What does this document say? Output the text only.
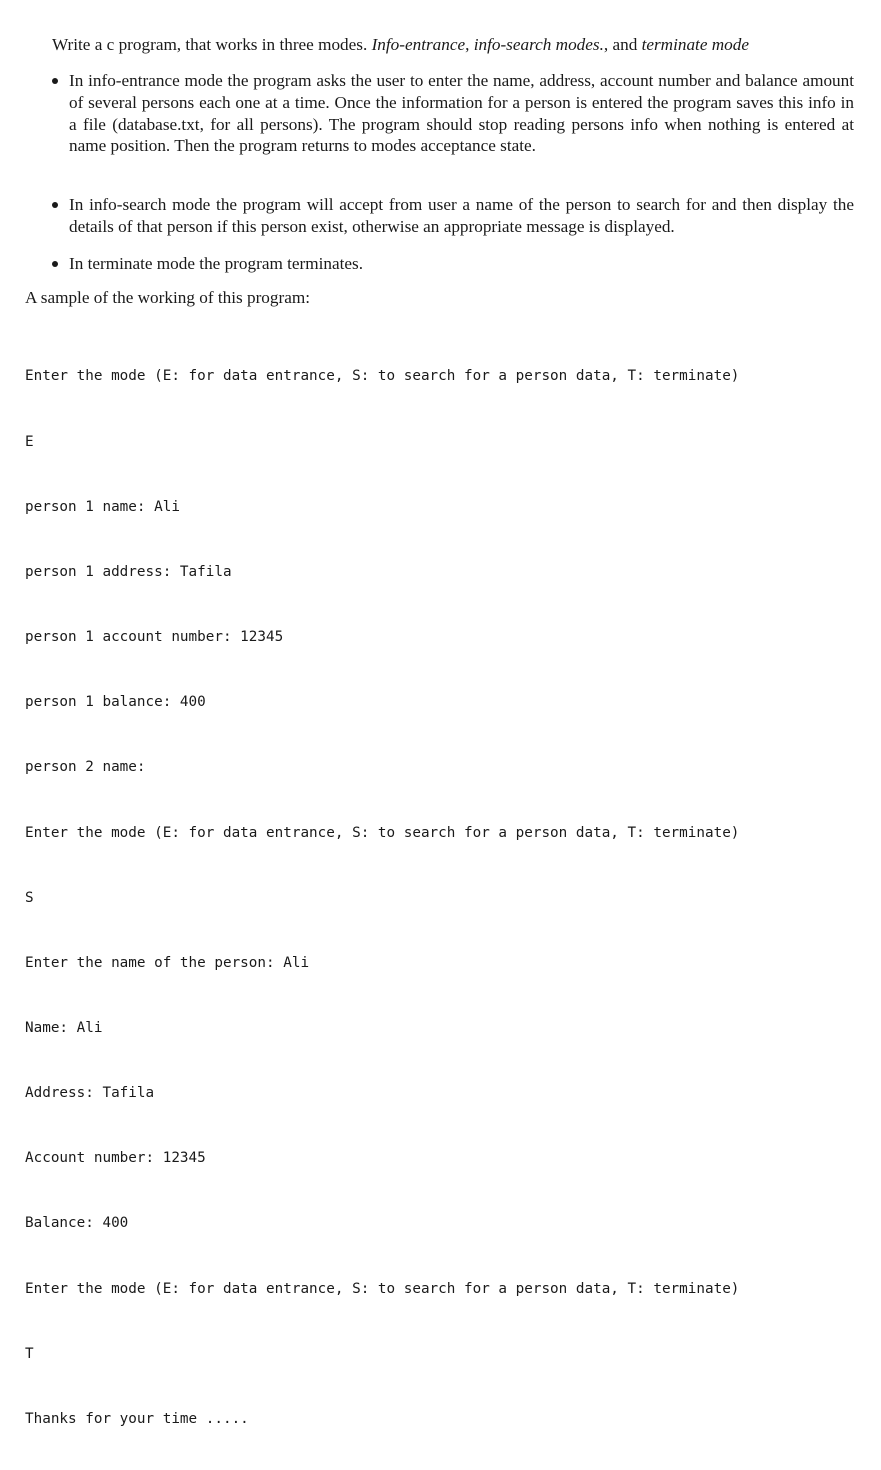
Write a c program, that works in three modes. Info-entrance, info-search modes., and terminate mode
In info-entrance mode the program asks the user to enter the name, address, account number and balance amount of several persons each one at a time. Once the information for a person is entered the program saves this info in a file (database.txt, for all persons). The program should stop reading persons info when nothing is entered at name position. Then the program returns to modes acceptance state.
In info-search mode the program will accept from user a name of the person to search for and then display the details of that person if this person exist, otherwise an appropriate message is displayed.
In terminate mode the program terminates.
A sample of the working of this program:

Enter the mode (E: for data entrance, S: to search for a person data, T: terminate)

E

person 1 name: Ali

person 1 address: Tafila

person 1 account number: 12345

person 1 balance: 400

person 2 name:

Enter the mode (E: for data entrance, S: to search for a person data, T: terminate)

S

Enter the name of the person: Ali

Name: Ali

Address: Tafila

Account number: 12345

Balance: 400

Enter the mode (E: for data entrance, S: to search for a person data, T: terminate)

T

Thanks for your time .....
